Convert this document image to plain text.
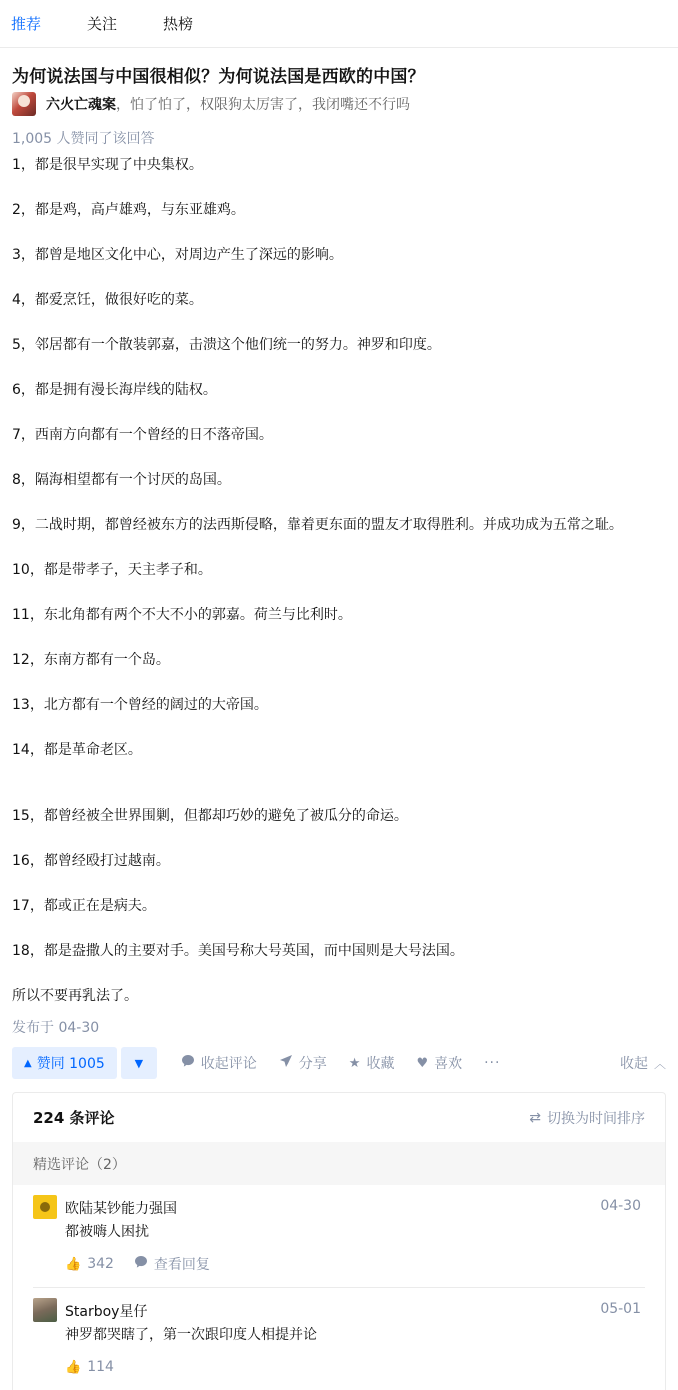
推荐	关注	热榜
为何说法国与中国很相似？为何说法国是西欧的中国？
六火亡魂案 ，怕了怕了，权限狗太厉害了，我闭嘴还不行吗
1,005 人赞同了该回答

1，都是很早实现了中央集权。

2，都是鸡，高卢雄鸡，与东亚雄鸡。

3，都曾是地区文化中心，对周边产生了深远的影响。

4，都爱烹饪，做很好吃的菜。

5，邻居都有一个散装郭嘉，击溃这个他们统一的努力。神罗和印度。

6，都是拥有漫长海岸线的陆权。

7，西南方向都有一个曾经的日不落帝国。

8，隔海相望都有一个讨厌的岛国。

9，二战时期，都曾经被东方的法西斯侵略，靠着更东面的盟友才取得胜利。并成功成为五常之耻。

10，都是带孝子，天主孝子和。

11，东北角都有两个不大不小的郭嘉。荷兰与比利时。

12，东南方都有一个岛。

13，北方都有一个曾经的阔过的大帝国。

14，都是革命老区。

15，都曾经被全世界围剿，但都却巧妙的避免了被瓜分的命运。

16，都曾经殴打过越南。

17，都或正在是病夫。

18，都是盎撒人的主要对手。美国号称大号英国，而中国则是大号法国。

所以不要再乳法了。

发布于 04-30
▲ 赞同 1005	▼	收起评论	分享 ★ 收藏 ♥ 喜欢 ···	收起 ︿
224 条评论	⇄ 切换为时间排序
精选评论（2）
欧陆某钞能力强国	04-30
都被嗨人困扰
👍 342	查看回复
Starboy星仔	05-01
神罗都哭瞎了，第一次跟印度人相提并论
👍 114
